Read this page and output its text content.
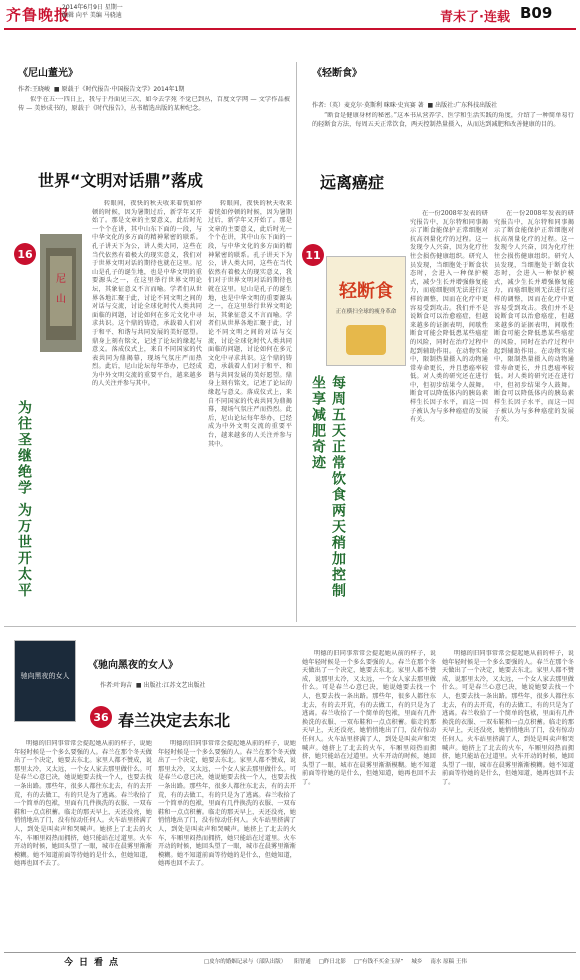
齐鲁晚报
2014年6月9日 星期一
编辑 向平 美编 马骁迪	青未了·连载 B09
《尼山董光》
作者:王晓峻  ■ 原载于《时代报告·中国报告文学》2014年1期

似乎在五·一四日上，我与于丹面见三次，如今去学苑 不觉已到丛，百度文学网 — 文学作品被传 — 美妙成书的，原载于《时代报告》，丛书精选出版的某种纪念。

世界“文明对话鼎”落成
16
尼
山
为往圣继绝学 为万世开太平

转眼间，夜快的秋天收来着恍如停顿的时候，因为暑期过后，新学年又开始了。那是文章的主要意义，此后时光一个个在讲，其中山东下面的一段，与中华文化的多方面的精神紧密的联系。孔子讲天下为公，讲人类大同，这些在当代依然有着极大的现实意义，我们对于世界文明对话的期待也就在这里。尼山是孔子的诞生地，也是中华文明的重要源头之一，在这里举行世界文明论坛，其象征意义不言而喻。学者们从世界各地汇聚于此，讨论不同文明之间的对话与交流，讨论全球化时代人类共同面临的问题，讨论如何在多元文化中寻求共识。这个鼎的铸造，承载着人们对于和平、和谐与共同发展的美好愿望。鼎身上刻有铭文，记述了论坛的缘起与意义。落成仪式上，来自不同国家的代表共同为鼎揭幕，现场气氛庄严而热烈。此后，尼山论坛每年举办，已经成为中外文明交流的重要平台，越来越多的人关注并参与其中。

转眼间，夜快的秋天收来着恍如停顿的时候，因为暑期过后，新学年又开始了。那是文章的主要意义，此后时光一个个在讲，其中山东下面的一段，与中华文化的多方面的精神紧密的联系。孔子讲天下为公，讲人类大同，这些在当代依然有着极大的现实意义，我们对于世界文明对话的期待也就在这里。尼山是孔子的诞生地，也是中华文明的重要源头之一，在这里举行世界文明论坛，其象征意义不言而喻。学者们从世界各地汇聚于此，讨论不同文明之间的对话与交流，讨论全球化时代人类共同面临的问题，讨论如何在多元文化中寻求共识。这个鼎的铸造，承载着人们对于和平、和谐与共同发展的美好愿望。鼎身上刻有铭文，记述了论坛的缘起与意义。落成仪式上，来自不同国家的代表共同为鼎揭幕，现场气氛庄严而热烈。此后，尼山论坛每年举办，已经成为中外文明交流的重要平台，越来越多的人关注并参与其中。

《轻断食》
作者:（英）麦克尔·莫斯利 咪咪·史宾赛 著  ■ 出版社:广东科技出版社

“断食是健康身材的秘密。”这本书从营养学、医学和生活实践的角度，介绍了一种简单易行的轻断食方法，每周五天正常饮食，两天控制热量摄入，从而达到减肥和改善健康的目的。

远离癌症
11
轻断食
正在横扫全球的瘦身革命
每周五天正常饮食两天稍加控制 坐享减肥奇迹

在一份2008年发表的研究报告中，瓦尔特和同事揭示了断食能保护正常细胞对抗高剂量化疗的过程。这一发现令人兴奋，因为化疗往往会损伤健康组织。研究人员发现，当细胞处于断食状态时，会进入一种保护模式，减少生长并增强修复能力，而癌细胞则无法进行这样的调整，因而在化疗中更容易受到攻击。我们并不是说断食可以治愈癌症，但越来越多的证据表明，间歇性断食可能会降低患某些癌症的风险，同时在治疗过程中起到辅助作用。在动物实验中，限制热量摄入的动物通常寿命更长，并且患癌率较低。对人类的研究还在进行中，但初步结果令人鼓舞。断食可以降低体内的胰岛素样生长因子水平，而这一因子被认为与多种癌症的发展有关。

在一份2008年发表的研究报告中，瓦尔特和同事揭示了断食能保护正常细胞对抗高剂量化疗的过程。这一发现令人兴奋，因为化疗往往会损伤健康组织。研究人员发现，当细胞处于断食状态时，会进入一种保护模式，减少生长并增强修复能力，而癌细胞则无法进行这样的调整，因而在化疗中更容易受到攻击。我们并不是说断食可以治愈癌症，但越来越多的证据表明，间歇性断食可能会降低患某些癌症的风险，同时在治疗过程中起到辅助作用。在动物实验中，限制热量摄入的动物通常寿命更长，并且患癌率较低。对人类的研究还在进行中，但初步结果令人鼓舞。断食可以降低体内的胰岛素样生长因子水平，而这一因子被认为与多种癌症的发展有关。

驰向黑夜的女人
《驰向黑夜的女人》
作者:叶询吉  ■ 出版社:江苏文艺出版社
36 春兰决定去东北

明德的旧同事常常会提起她从前的样子，说她年轻时候是一个多么要强的人。春兰在那个冬天做出了一个决定，她要去东北。家里人都不赞成，说那里太冷，又太远，一个女人家去那里做什么。可是春兰心意已决，她说她要去找一个人，也要去找一条出路。那些年，很多人都往东北去，有的去开荒，有的去做工，有的只是为了逃离。春兰收拾了一个简单的包袱，里面有几件换洗的衣服、一双布鞋和一点点积蓄。临走的那天早上，天还没亮，她悄悄地出了门，没有惊动任何人。火车站里挤满了人，到处是叫卖声和哭喊声。她挤上了北去的火车，车厢里闷热而拥挤，她只能站在过道里。火车开动的时候，她回头望了一眼，城市在晨雾里渐渐模糊。她不知道前面等待她的是什么，但她知道，她再也回不去了。

明德的旧同事常常会提起她从前的样子，说她年轻时候是一个多么要强的人。春兰在那个冬天做出了一个决定，她要去东北。家里人都不赞成，说那里太冷，又太远，一个女人家去那里做什么。可是春兰心意已决，她说她要去找一个人，也要去找一条出路。那些年，很多人都往东北去，有的去开荒，有的去做工，有的只是为了逃离。春兰收拾了一个简单的包袱，里面有几件换洗的衣服、一双布鞋和一点点积蓄。临走的那天早上，天还没亮，她悄悄地出了门，没有惊动任何人。火车站里挤满了人，到处是叫卖声和哭喊声。她挤上了北去的火车，车厢里闷热而拥挤，她只能站在过道里。火车开动的时候，她回头望了一眼，城市在晨雾里渐渐模糊。她不知道前面等待她的是什么，但她知道，她再也回不去了。

明德的旧同事常常会提起她从前的样子，说她年轻时候是一个多么要强的人。春兰在那个冬天做出了一个决定，她要去东北。家里人都不赞成，说那里太冷，又太远，一个女人家去那里做什么。可是春兰心意已决，她说她要去找一个人，也要去找一条出路。那些年，很多人都往东北去，有的去开荒，有的去做工，有的只是为了逃离。春兰收拾了一个简单的包袱，里面有几件换洗的衣服、一双布鞋和一点点积蓄。临走的那天早上，天还没亮，她悄悄地出了门，没有惊动任何人。火车站里挤满了人，到处是叫卖声和哭喊声。她挤上了北去的火车，车厢里闷热而拥挤，她只能站在过道里。火车开动的时候，她回头望了一眼，城市在晨雾里渐渐模糊。她不知道前面等待她的是什么，但她知道，她再也回不去了。

明德的旧同事常常会提起她从前的样子，说她年轻时候是一个多么要强的人。春兰在那个冬天做出了一个决定，她要去东北。家里人都不赞成，说那里太冷，又太远，一个女人家去那里做什么。可是春兰心意已决，她说她要去找一个人，也要去找一条出路。那些年，很多人都往东北去，有的去开荒，有的去做工，有的只是为了逃离。春兰收拾了一个简单的包袱，里面有几件换洗的衣服、一双布鞋和一点点积蓄。临走的那天早上，天还没亮，她悄悄地出了门，没有惊动任何人。火车站里挤满了人，到处是叫卖声和哭喊声。她挤上了北去的火车，车厢里闷热而拥挤，她只能站在过道里。火车开动的时候，她回头望了一眼，城市在晨雾里渐渐模糊。她不知道前面等待她的是什么，但她知道，她再也回不去了。

今日看点	□皮尔的婚姻记录与（部队出版） 阳智通 □昨日北影 □“有钱不买金玉屏” 城乡 南水 原稿 王伟
